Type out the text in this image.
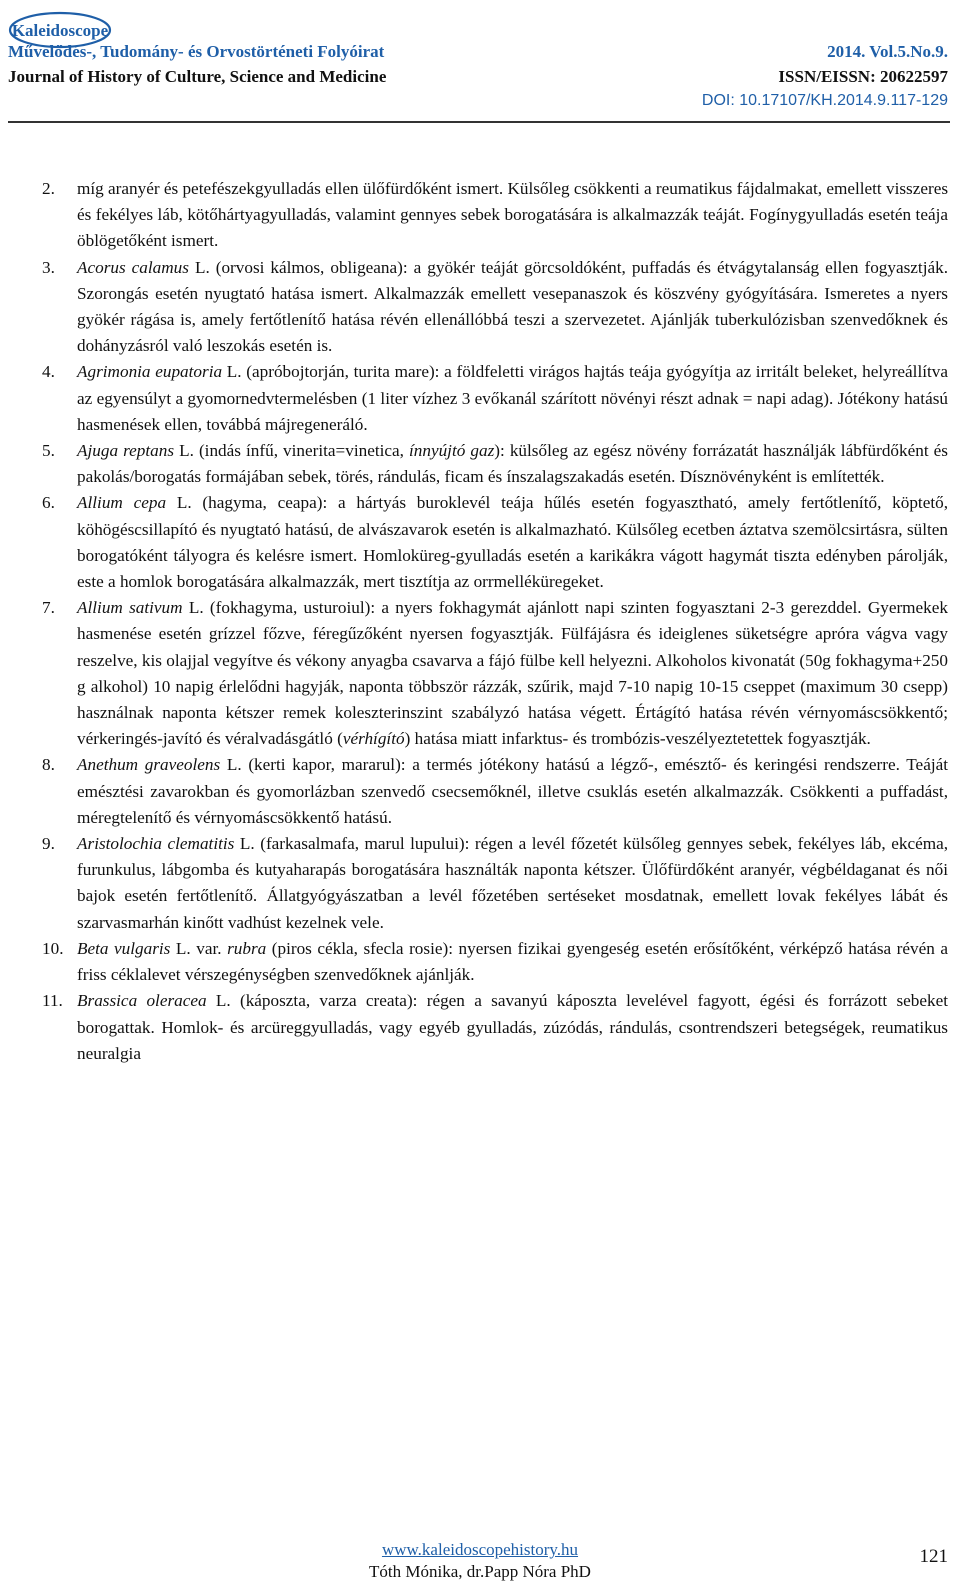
Kaleidoscope
Művelődés-, Tudomány- és Orvostörténeti Folyóirat	2014. Vol.5.No.9.
Journal of History of Culture, Science and Medicine	ISSN/EISSN: 20622597
DOI: 10.17107/KH.2014.9.117-129

2. míg aranyér és petefészekgyulladás ellen ülőfürdőként ismert. Külsőleg csökkenti a reumatikus fájdalmakat, emellett visszeres és fekélyes láb, kötőhártyagyulladás, valamint gennyes sebek borogatására is alkalmazzák teáját. Fogínygyulladás esetén teája öblögetőként ismert.

3. Acorus calamus L. (orvosi kálmos, obligeana): a gyökér teáját görcsoldóként, puffadás és étvágytalanság ellen fogyasztják. Szorongás esetén nyugtató hatása ismert. Alkalmazzák emellett vesepanaszok és köszvény gyógyítására. Ismeretes a nyers gyökér rágása is, amely fertőtlenítő hatása révén ellenállóbbá teszi a szervezetet. Ajánlják tuberkulózisban szenvedőknek és dohányzásról való leszokás esetén is.

4. Agrimonia eupatoria L. (apróbojtorján, turita mare): a földfeletti virágos hajtás teája gyógyítja az irritált beleket, helyreállítva az egyensúlyt a gyomornedvtermelésben (1 liter vízhez 3 evőkanál szárított növényi részt adnak = napi adag). Jótékony hatású hasmenések ellen, továbbá májregeneráló.

5. Ajuga reptans L. (indás ínfű, vinerita=vinetica, ínnyújtó gaz): külsőleg az egész növény forrázatát használják lábfürdőként és pakolás/borogatás formájában sebek, törés, rándulás, ficam és ínszalagszakadás esetén. Dísznövényként is említették.

6. Allium cepa L. (hagyma, ceapa): a hártyás buroklevél teája hűlés esetén fogyasztható, amely fertőtlenítő, köptető, köhögéscsillapító és nyugtató hatású, de alvászavarok esetén is alkalmazható. Külsőleg ecetben áztatva szemölcsirtásra, sülten borogatóként tályogra és kelésre ismert. Homloküreg-gyulladás esetén a karikákra vágott hagymát tiszta edényben párolják, este a homlok borogatására alkalmazzák, mert tisztítja az orrmelléküregeket.

7. Allium sativum L. (fokhagyma, usturoiul): a nyers fokhagymát ajánlott napi szinten fogyasztani 2-3 gerezddel. Gyermekek hasmenése esetén grízzel főzve, féregűzőként nyersen fogyasztják. Fülfájásra és ideiglenes süketségre apróra vágva vagy reszelve, kis olajjal vegyítve és vékony anyagba csavarva a fájó fülbe kell helyezni. Alkoholos kivonatát (50g fokhagyma+250 g alkohol) 10 napig érlelődni hagyják, naponta többször rázzák, szűrik, majd 7-10 napig 10-15 cseppet (maximum 30 csepp) használnak naponta kétszer remek koleszterinszint szabályzó hatása végett. Értágító hatása révén vérnyomáscsökkentő; vérkeringés-javító és véralvadásgátló (vérhígító) hatása miatt infarktus- és trombózis-veszélyeztetettek fogyasztják.

8. Anethum graveolens L. (kerti kapor, mararul): a termés jótékony hatású a légző-, emésztő- és keringési rendszerre. Teáját emésztési zavarokban és gyomorlázban szenvedő csecsemőknél, illetve csuklás esetén alkalmazzák. Csökkenti a puffadást, méregtelenítő és vérnyomáscsökkentő hatású.

9. Aristolochia clematitis L. (farkasalmafa, marul lupului): régen a levél főzetét külsőleg gennyes sebek, fekélyes láb, ekcéma, furunkulus, lábgomba és kutyaharapás borogatására használták naponta kétszer. Ülőfürdőként aranyér, végbéldaganat és női bajok esetén fertőtlenítő. Állatgyógyászatban a levél főzetében sertéseket mosdatnak, emellett lovak fekélyes lábát és szarvasmarhán kinőtt vadhúst kezelnek vele.

10. Beta vulgaris L. var. rubra (piros cékla, sfecla rosie): nyersen fizikai gyengeség esetén erősítőként, vérképző hatása révén a friss céklalevet vérszegénységben szenvedőknek ajánlják.

11. Brassica oleracea L. (káposzta, varza creata): régen a savanyú káposzta levelével fagyott, égési és forrázott sebeket borogattak. Homlok- és arcüreggyulladás, vagy egyéb gyulladás, zúzódás, rándulás, csontrendszeri betegségek, reumatikus neuralgia

www.kaleidoscopehistory.hu
Tóth Mónika, dr.Papp Nóra PhD
121
